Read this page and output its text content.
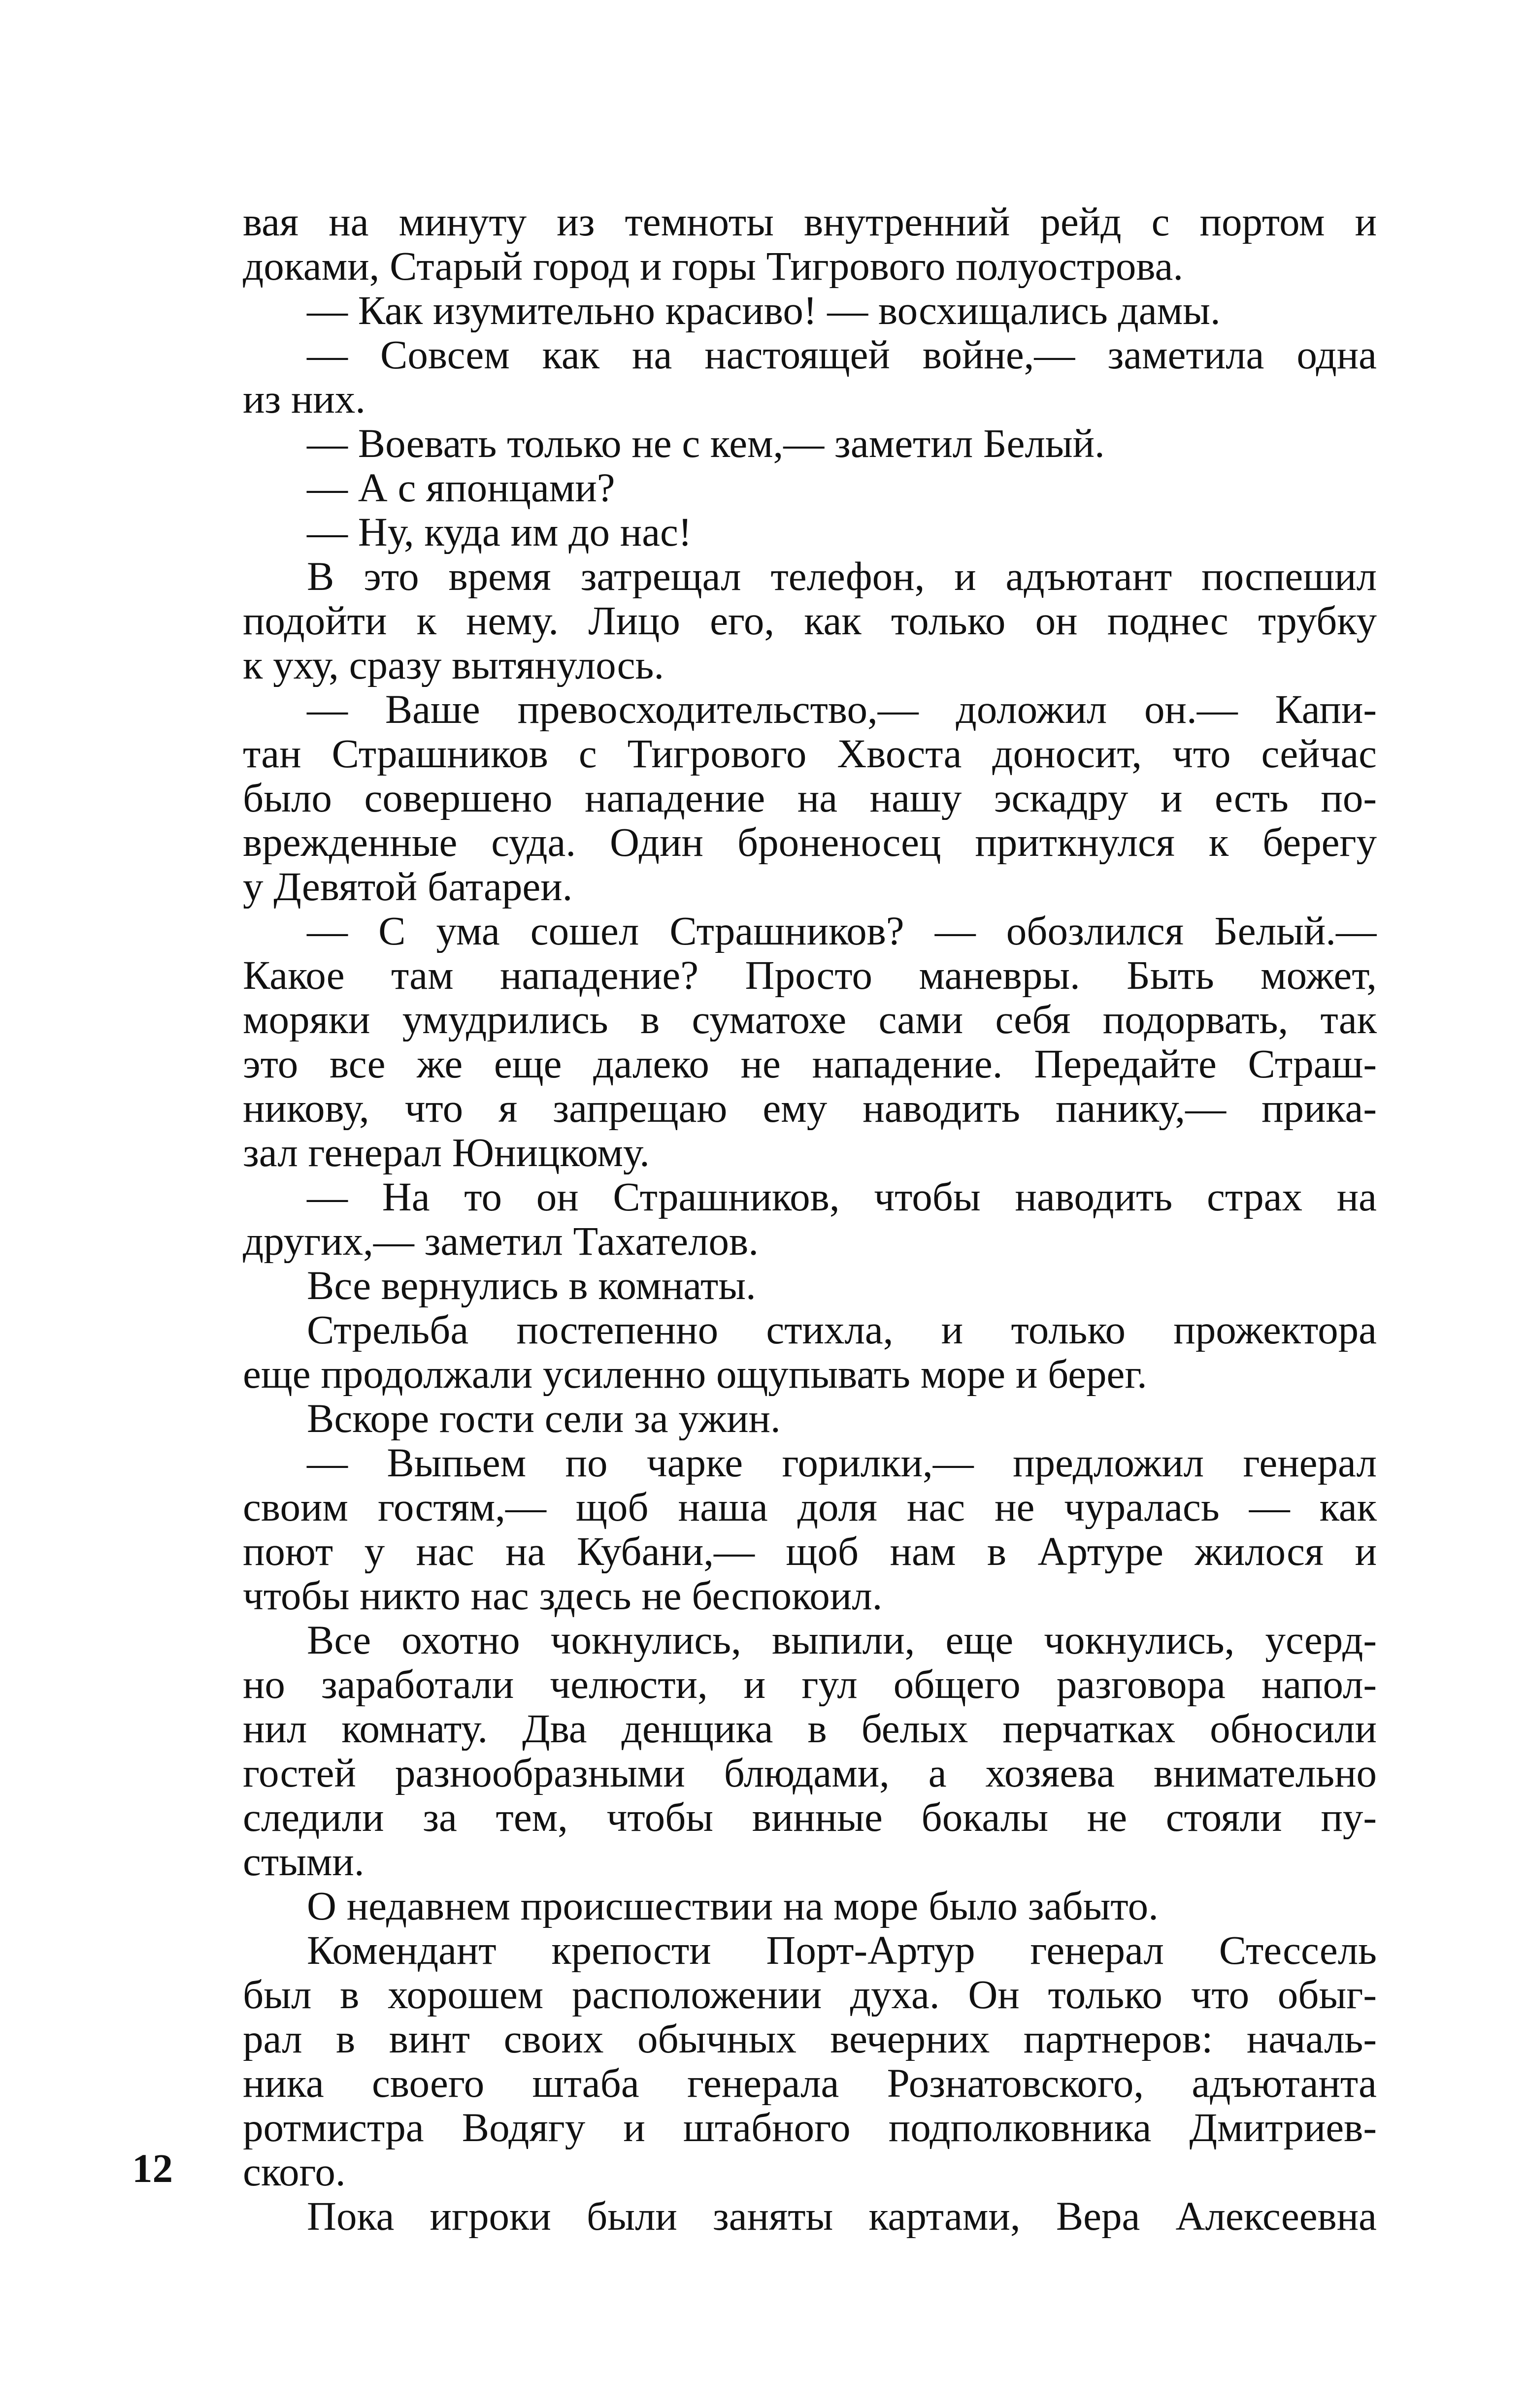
вая на минуту из темноты внутренний рейд с портом и
доками, Старый город и горы Тигрового полуострова.
— Как изумительно красиво! — восхищались дамы.
— Совсем как на настоящей войне,— заметила одна
из них.
— Воевать только не с кем,— заметил Белый.
— А с японцами?
— Ну, куда им до нас!
В это время затрещал телефон, и адъютант поспешил
подойти к нему. Лицо его, как только он поднес трубку
к уху, сразу вытянулось.
— Ваше превосходительство,— доложил он.— Капи-
тан Страшников с Тигрового Хвоста доносит, что сейчас
было совершено нападение на нашу эскадру и есть по-
врежденные суда. Один броненосец приткнулся к берегу
у Девятой батареи.
— С ума сошел Страшников? — обозлился Белый.—
Какое там нападение? Просто маневры. Быть может,
моряки умудрились в суматохе сами себя подорвать, так
это все же еще далеко не нападение. Передайте Страш-
никову, что я запрещаю ему наводить панику,— прика-
зал генерал Юницкому.
— На то он Страшников, чтобы наводить страх на
других,— заметил Тахателов.
Все вернулись в комнаты.
Стрельба постепенно стихла, и только прожектора
еще продолжали усиленно ощупывать море и берег.
Вскоре гости сели за ужин.
— Выпьем по чарке горилки,— предложил генерал
своим гостям,— щоб наша доля нас не чуралась — как
поют у нас на Кубани,— щоб нам в Артуре жилося и
чтобы никто нас здесь не беспокоил.
Все охотно чокнулись, выпили, еще чокнулись, усерд-
но заработали челюсти, и гул общего разговора напол-
нил комнату. Два денщика в белых перчатках обносили
гостей разнообразными блюдами, а хозяева внимательно
следили за тем, чтобы винные бокалы не стояли пу-
стыми.
О недавнем происшествии на море было забыто.
Комендант крепости Порт-Артур генерал Стессель
был в хорошем расположении духа. Он только что обыг-
рал в винт своих обычных вечерних партнеров: началь-
ника своего штаба генерала Рознатовского, адъютанта
ротмистра Водягу и штабного подполковника Дмитриев-
ского.
Пока игроки были заняты картами, Вера Алексеевна
12
